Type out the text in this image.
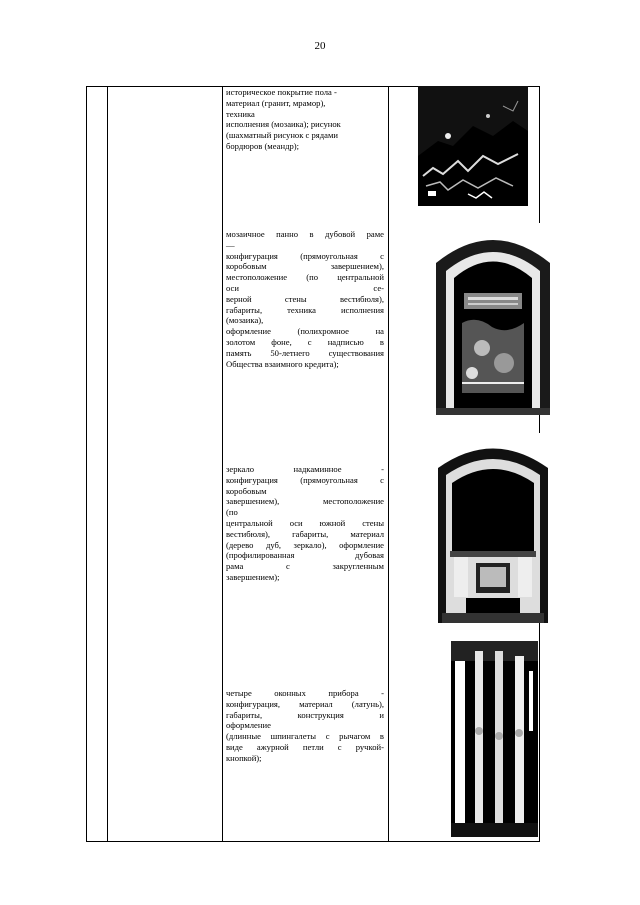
20

историческое покрытие пола -

материал (гранит, мрамор),

техника

исполнения (мозаика); рисунок

(шахматный рисунок с рядами

бордюров (меандр);

мозаичное панно в дубовой раме

—

конфигурация (прямоугольная с

коробовым завершением),

местоположение (по центральной

оси се-

верной стены вестибюля),

габариты, техника исполнения

(мозаика),

оформление (полихромное на

золотом фоне, с надписью в

память 50-летнего существования

Общества взаимного кредита);

зеркало надкаминное -

конфигурация (прямоугольная с

коробовым

завершением), местоположение

(по

центральной оси южной стены

вестибюля), габариты, материал

(дерево дуб, зеркало), оформление

(профилированная дубовая

рама с закругленным

завершением);

четыре оконных прибора -

конфигурация, материал (латунь),

габариты, конструкция и

оформление

(длинные шпингалеты с рычагом в

виде ажурной петли с ручкой-

кнопкой);
